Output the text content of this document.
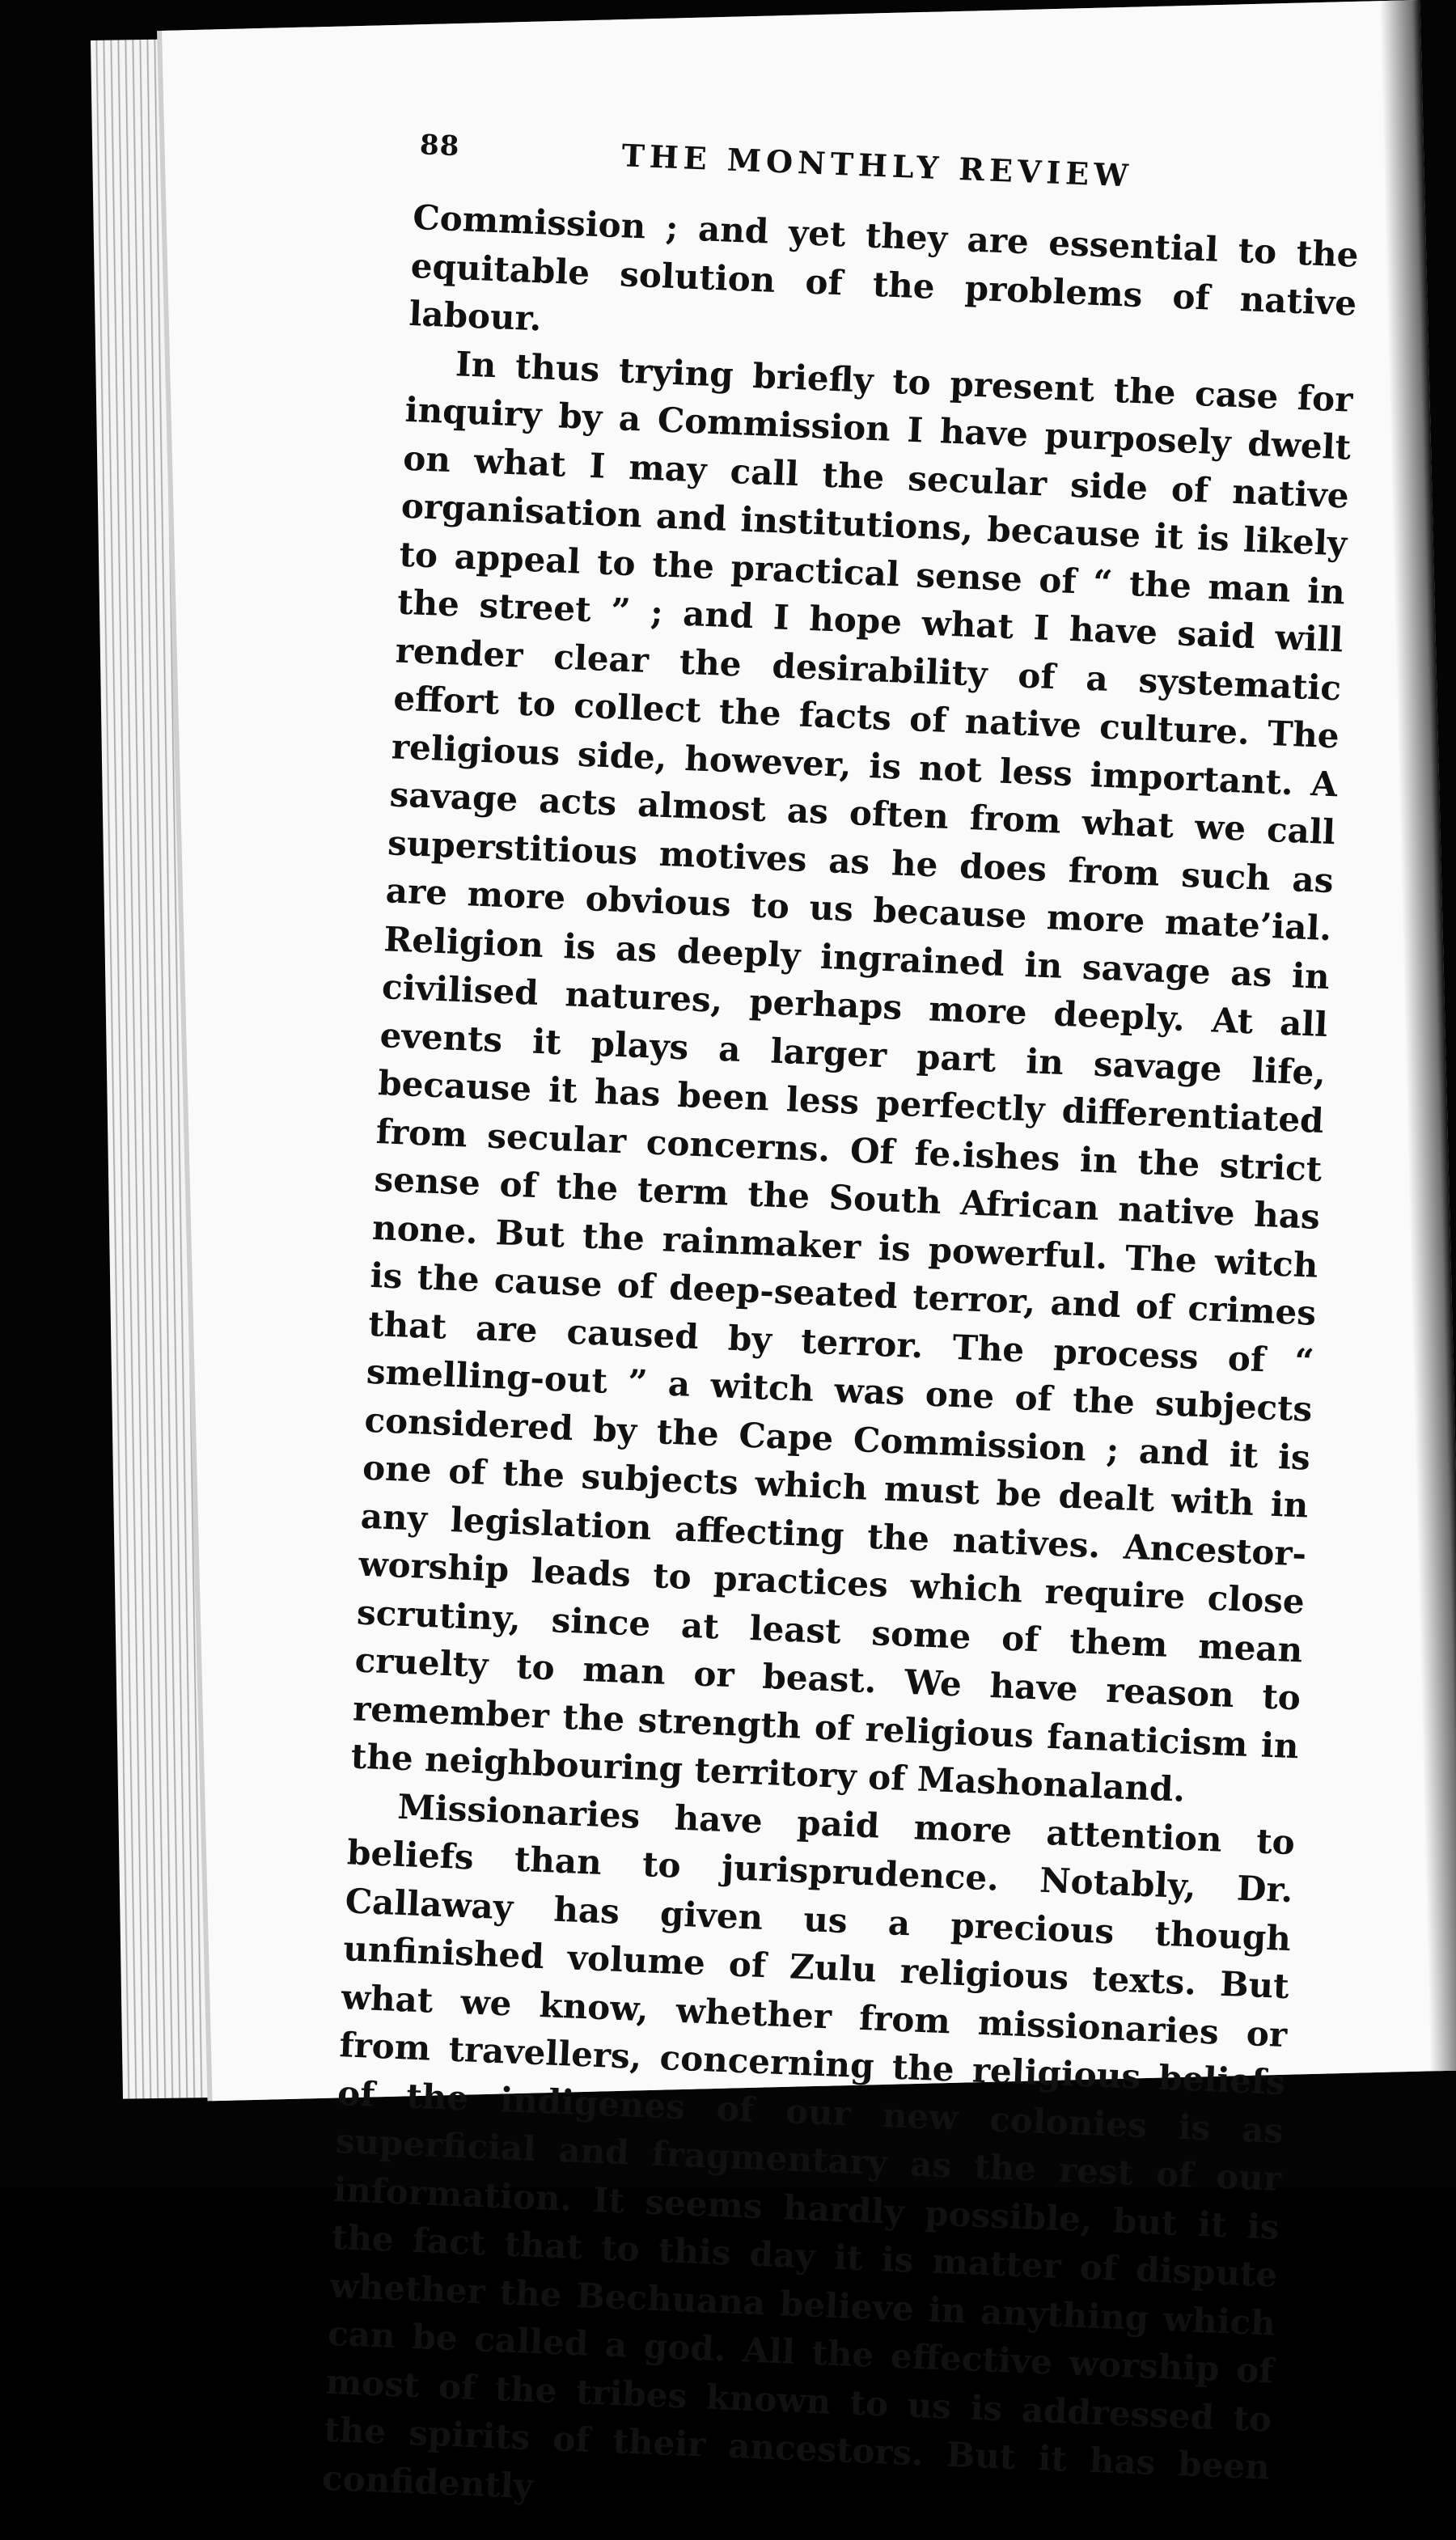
88	THE MONTHLY REVIEW

Commission ; and yet they are essential to the equitable solution of the problems of native labour.

In thus trying briefly to present the case for inquiry by a Commission I have purposely dwelt on what I may call the secular side of native organisation and institutions, because it is likely to appeal to the practical sense of “ the man in the street ” ; and I hope what I have said will render clear the desirability of a systematic effort to collect the facts of native culture. The religious side, however, is not less important. A savage acts almost as often from what we call superstitious motives as he does from such as are more obvious to us because more mate’ial. Religion is as deeply ingrained in savage as in civilised natures, perhaps more deeply. At all events it plays a larger part in savage life, because it has been less perfectly differentiated from secular concerns. Of fe.ishes in the strict sense of the term the South African native has none. But the rainmaker is powerful. The witch is the cause of deep-seated terror, and of crimes that are caused by terror. The process of “ smelling-out ” a witch was one of the subjects considered by the Cape Commission ; and it is one of the subjects which must be dealt with in any legislation affecting the natives. Ancestor-worship leads to practices which require close scrutiny, since at least some of them mean cruelty to man or beast. We have reason to remember the strength of religious fanaticism in the neighbouring territory of Mashonaland.

Missionaries have paid more attention to beliefs than to jurisprudence. Notably, Dr. Callaway has given us a precious though unfinished volume of Zulu religious texts. But what we know, whether from missionaries or from travellers, concerning the religious beliefs of the indigenes of our new colonies is as superficial and fragmentary as the rest of our information. It seems hardly possible, but it is the fact that to this day it is matter of dispute whether the Bechuana believe in anything which can be called a god. All the effective worship of most of the tribes known to us is addressed to the spirits of their ancestors. But it has been confidently
